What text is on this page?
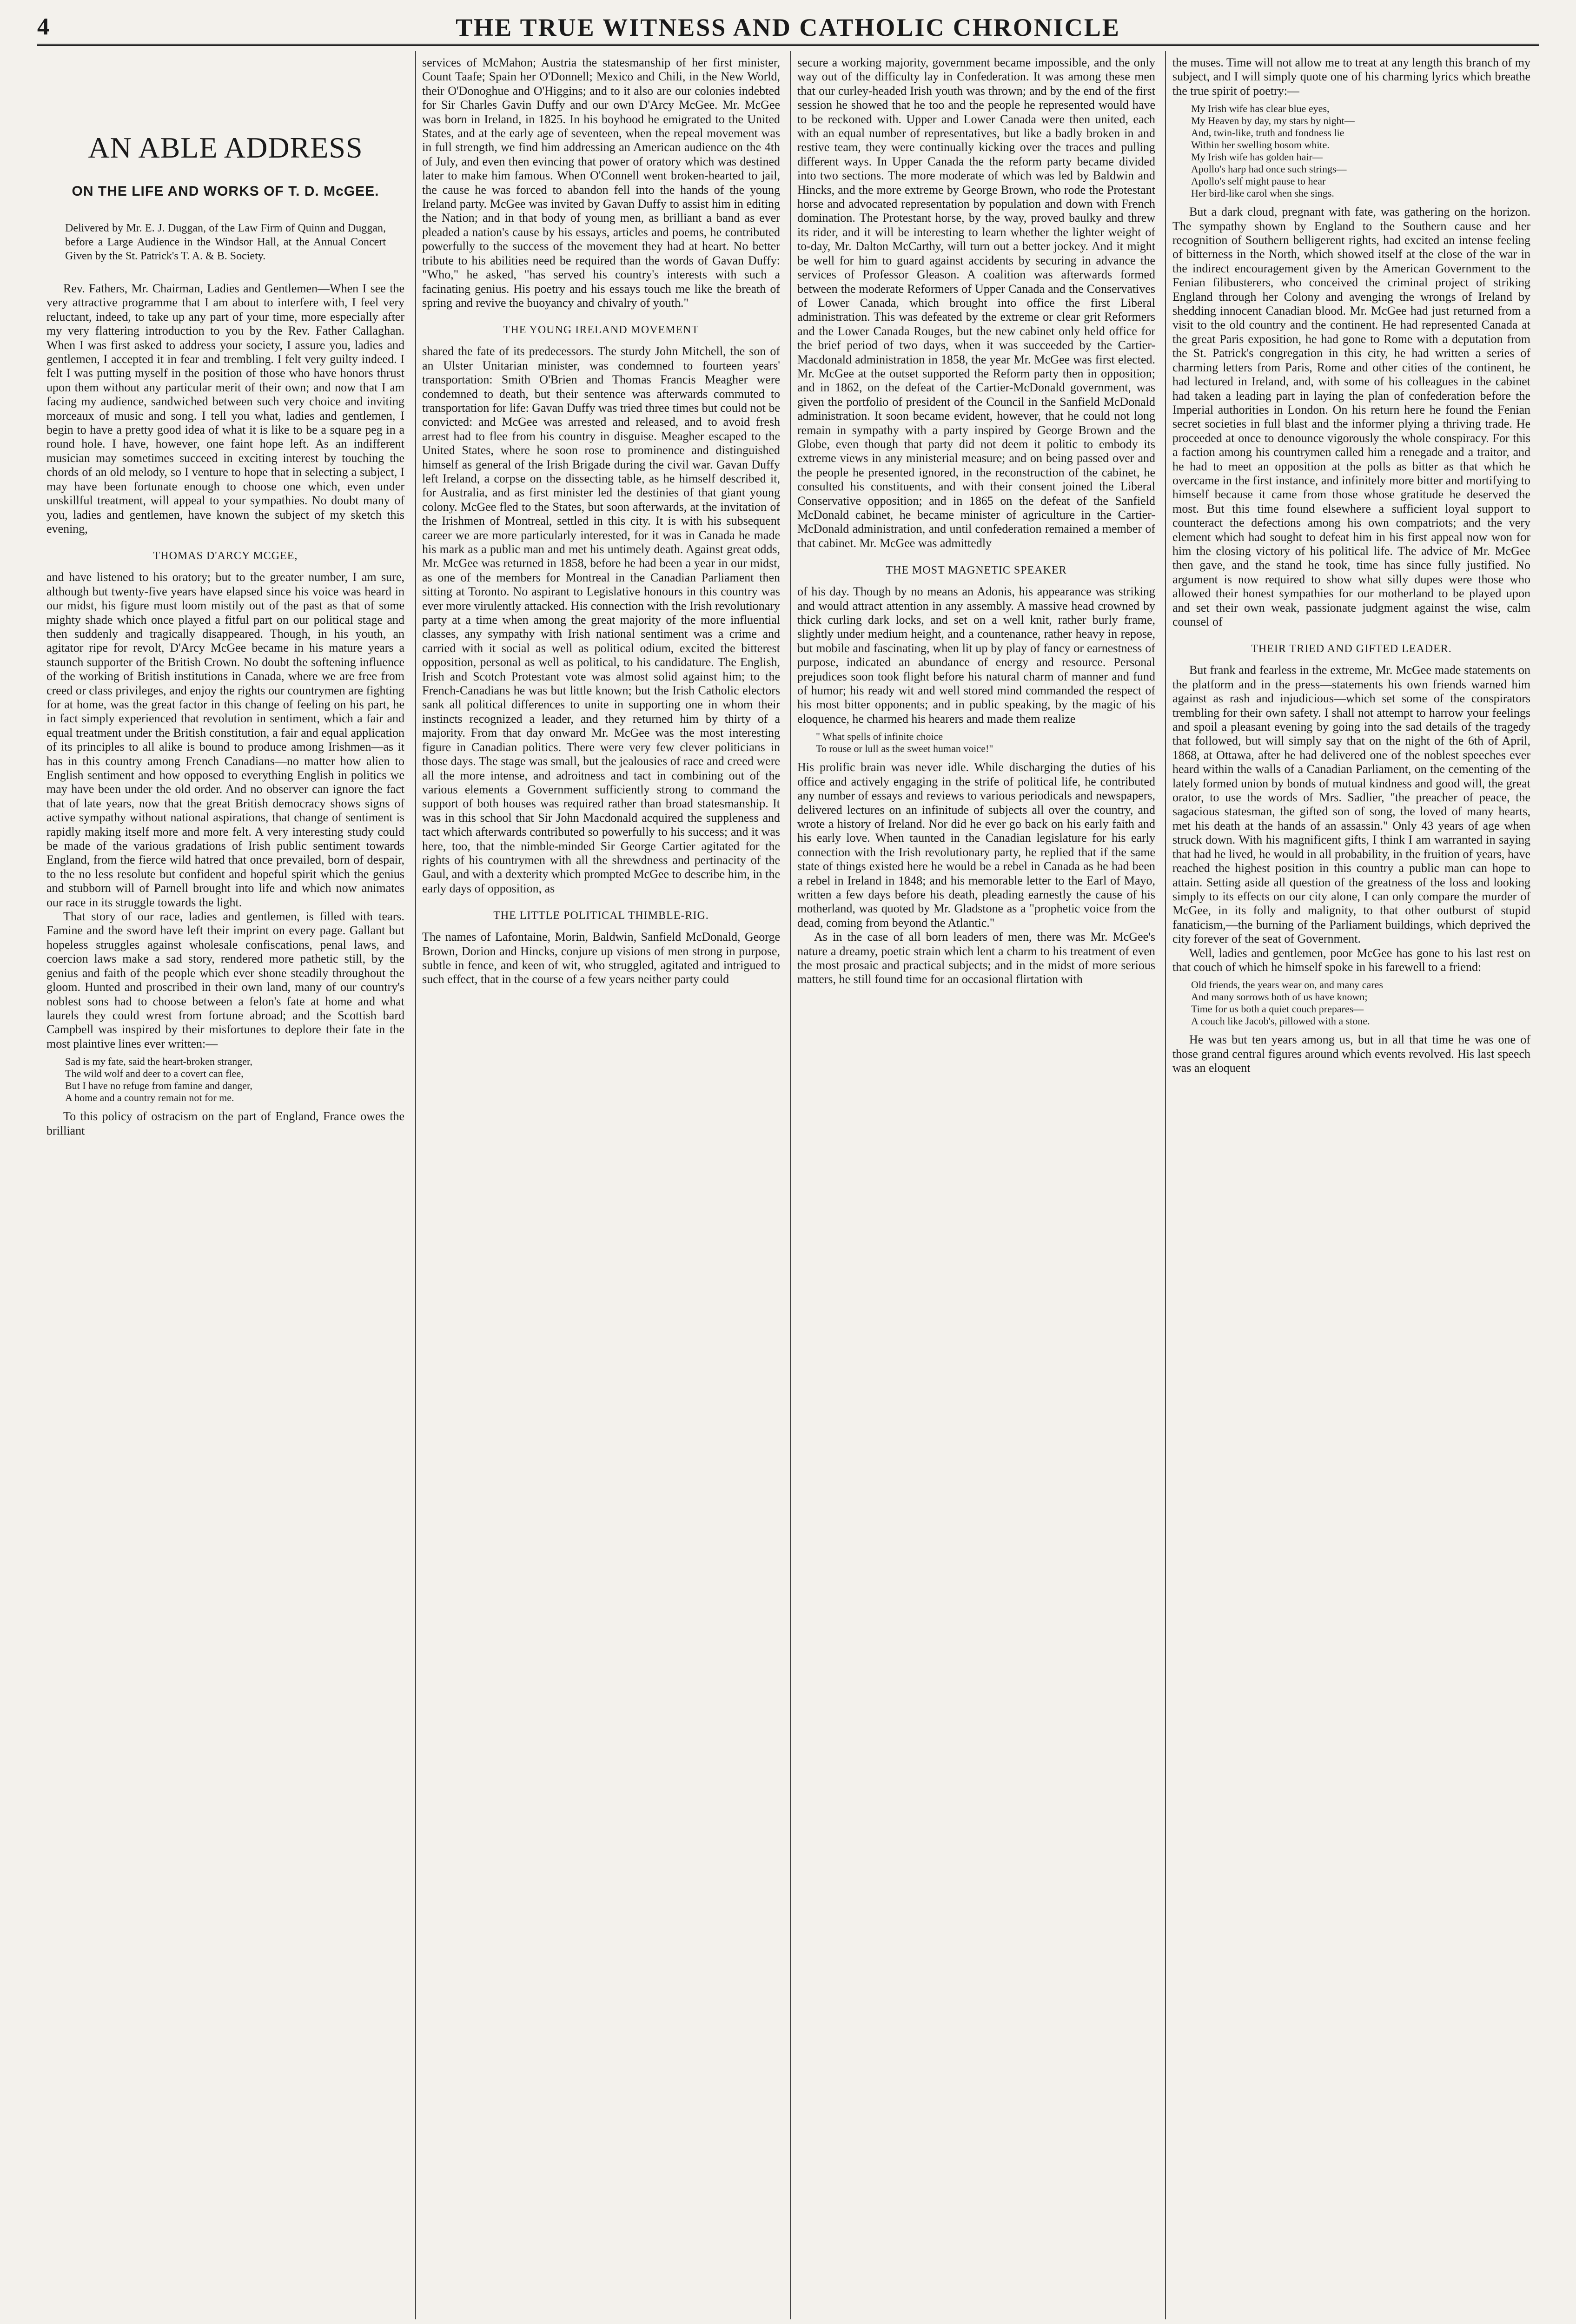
4	THE TRUE WITNESS AND CATHOLIC CHRONICLE
AN ABLE ADDRESS
ON THE LIFE AND WORKS OF T. D. McGEE.
Delivered by Mr. E. J. Duggan, of the Law Firm of Quinn and Duggan, before a Large Audience in the Windsor Hall, at the Annual Concert Given by the St. Patrick's T. A. & B. Society.

Rev. Fathers, Mr. Chairman, Ladies and Gentlemen—When I see the very attractive programme that I am about to interfere with, I feel very reluctant, indeed, to take up any part of your time, more especially after my very flattering introduction to you by the Rev. Father Callaghan. When I was first asked to address your society, I assure you, ladies and gentlemen, I accepted it in fear and trembling. I felt very guilty indeed. I felt I was putting myself in the position of those who have honors thrust upon them without any particular merit of their own; and now that I am facing my audience, sandwiched between such very choice and inviting morceaux of music and song. I tell you what, ladies and gentlemen, I begin to have a pretty good idea of what it is like to be a square peg in a round hole. I have, however, one faint hope left. As an indifferent musician may sometimes succeed in exciting interest by touching the chords of an old melody, so I venture to hope that in selecting a subject, I may have been fortunate enough to choose one which, even under unskillful treatment, will appeal to your sympathies. No doubt many of you, ladies and gentlemen, have known the subject of my sketch this evening,

THOMAS D'ARCY MCGEE,

and have listened to his oratory; but to the greater number, I am sure, although but twenty-five years have elapsed since his voice was heard in our midst, his figure must loom mistily out of the past as that of some mighty shade which once played a fitful part on our political stage and then suddenly and tragically disappeared. Though, in his youth, an agitator ripe for revolt, D'Arcy McGee became in his mature years a staunch supporter of the British Crown. No doubt the softening influence of the working of British institutions in Canada, where we are free from creed or class privileges, and enjoy the rights our countrymen are fighting for at home, was the great factor in this change of feeling on his part, he in fact simply experienced that revolution in sentiment, which a fair and equal treatment under the British constitution, a fair and equal application of its principles to all alike is bound to produce among Irishmen—as it has in this country among French Canadians—no matter how alien to English sentiment and how opposed to everything English in politics we may have been under the old order. And no observer can ignore the fact that of late years, now that the great British democracy shows signs of active sympathy without national aspirations, that change of sentiment is rapidly making itself more and more felt. A very interesting study could be made of the various gradations of Irish public sentiment towards England, from the fierce wild hatred that once prevailed, born of despair, to the no less resolute but confident and hopeful spirit which the genius and stubborn will of Parnell brought into life and which now animates our race in its struggle towards the light.

That story of our race, ladies and gentlemen, is filled with tears. Famine and the sword have left their imprint on every page. Gallant but hopeless struggles against wholesale confiscations, penal laws, and coercion laws make a sad story, rendered more pathetic still, by the genius and faith of the people which ever shone steadily throughout the gloom. Hunted and proscribed in their own land, many of our country's noblest sons had to choose between a felon's fate at home and what laurels they could wrest from fortune abroad; and the Scottish bard Campbell was inspired by their misfortunes to deplore their fate in the most plaintive lines ever written:—

Sad is my fate, said the heart-broken stranger,
The wild wolf and deer to a covert can flee,
But I have no refuge from famine and danger,
A home and a country remain not for me.

To this policy of ostracism on the part of England, France owes the brilliant

services of McMahon; Austria the statesmanship of her first minister, Count Taafe; Spain her O'Donnell; Mexico and Chili, in the New World, their O'Donoghue and O'Higgins; and to it also are our colonies indebted for Sir Charles Gavin Duffy and our own D'Arcy McGee. Mr. McGee was born in Ireland, in 1825. In his boyhood he emigrated to the United States, and at the early age of seventeen, when the repeal movement was in full strength, we find him addressing an American audience on the 4th of July, and even then evincing that power of oratory which was destined later to make him famous. When O'Connell went broken-hearted to jail, the cause he was forced to abandon fell into the hands of the young Ireland party. McGee was invited by Gavan Duffy to assist him in editing the Nation; and in that body of young men, as brilliant a band as ever pleaded a nation's cause by his essays, articles and poems, he contributed powerfully to the success of the movement they had at heart. No better tribute to his abilities need be required than the words of Gavan Duffy: "Who," he asked, "has served his country's interests with such a facinating genius. His poetry and his essays touch me like the breath of spring and revive the buoyancy and chivalry of youth."

THE YOUNG IRELAND MOVEMENT

shared the fate of its predecessors. The sturdy John Mitchell, the son of an Ulster Unitarian minister, was condemned to fourteen years' transportation: Smith O'Brien and Thomas Francis Meagher were condemned to death, but their sentence was afterwards commuted to transportation for life: Gavan Duffy was tried three times but could not be convicted: and McGee was arrested and released, and to avoid fresh arrest had to flee from his country in disguise. Meagher escaped to the United States, where he soon rose to prominence and distinguished himself as general of the Irish Brigade during the civil war. Gavan Duffy left Ireland, a corpse on the dissecting table, as he himself described it, for Australia, and as first minister led the destinies of that giant young colony. McGee fled to the States, but soon afterwards, at the invitation of the Irishmen of Montreal, settled in this city. It is with his subsequent career we are more particularly interested, for it was in Canada he made his mark as a public man and met his untimely death. Against great odds, Mr. McGee was returned in 1858, before he had been a year in our midst, as one of the members for Montreal in the Canadian Parliament then sitting at Toronto. No aspirant to Legislative honours in this country was ever more virulently attacked. His connection with the Irish revolutionary party at a time when among the great majority of the more influential classes, any sympathy with Irish national sentiment was a crime and carried with it social as well as political odium, excited the bitterest opposition, personal as well as political, to his candidature. The English, Irish and Scotch Protestant vote was almost solid against him; to the French-Canadians he was but little known; but the Irish Catholic electors sank all political differences to unite in supporting one in whom their instincts recognized a leader, and they returned him by thirty of a majority. From that day onward Mr. McGee was the most interesting figure in Canadian politics. There were very few clever politicians in those days. The stage was small, but the jealousies of race and creed were all the more intense, and adroitness and tact in combining out of the various elements a Government sufficiently strong to command the support of both houses was required rather than broad statesmanship. It was in this school that Sir John Macdonald acquired the suppleness and tact which afterwards contributed so powerfully to his success; and it was here, too, that the nimble-minded Sir George Cartier agitated for the rights of his countrymen with all the shrewdness and pertinacity of the Gaul, and with a dexterity which prompted McGee to describe him, in the early days of opposition, as

THE LITTLE POLITICAL THIMBLE-RIG.

The names of Lafontaine, Morin, Baldwin, Sanfield McDonald, George Brown, Dorion and Hincks, conjure up visions of men strong in purpose, subtle in fence, and keen of wit, who struggled, agitated and intrigued to such effect, that in the course of a few years neither party could

secure a working majority, government became impossible, and the only way out of the difficulty lay in Confederation. It was among these men that our curley-headed Irish youth was thrown; and by the end of the first session he showed that he too and the people he represented would have to be reckoned with. Upper and Lower Canada were then united, each with an equal number of representatives, but like a badly broken in and restive team, they were continually kicking over the traces and pulling different ways. In Upper Canada the the reform party became divided into two sections. The more moderate of which was led by Baldwin and Hincks, and the more extreme by George Brown, who rode the Protestant horse and advocated representation by population and down with French domination. The Protestant horse, by the way, proved baulky and threw its rider, and it will be interesting to learn whether the lighter weight of to-day, Mr. Dalton McCarthy, will turn out a better jockey. And it might be well for him to guard against accidents by securing in advance the services of Professor Gleason. A coalition was afterwards formed between the moderate Reformers of Upper Canada and the Conservatives of Lower Canada, which brought into office the first Liberal administration. This was defeated by the extreme or clear grit Reformers and the Lower Canada Rouges, but the new cabinet only held office for the brief period of two days, when it was succeeded by the Cartier-Macdonald administration in 1858, the year Mr. McGee was first elected. Mr. McGee at the outset supported the Reform party then in opposition; and in 1862, on the defeat of the Cartier-McDonald government, was given the portfolio of president of the Council in the Sanfield McDonald administration. It soon became evident, however, that he could not long remain in sympathy with a party inspired by George Brown and the Globe, even though that party did not deem it politic to embody its extreme views in any ministerial measure; and on being passed over and the people he presented ignored, in the reconstruction of the cabinet, he consulted his constituents, and with their consent joined the Liberal Conservative opposition; and in 1865 on the defeat of the Sanfield McDonald cabinet, he became minister of agriculture in the Cartier-McDonald administration, and until confederation remained a member of that cabinet. Mr. McGee was admittedly

THE MOST MAGNETIC SPEAKER

of his day. Though by no means an Adonis, his appearance was striking and would attract attention in any assembly. A massive head crowned by thick curling dark locks, and set on a well knit, rather burly frame, slightly under medium height, and a countenance, rather heavy in repose, but mobile and fascinating, when lit up by play of fancy or earnestness of purpose, indicated an abundance of energy and resource. Personal prejudices soon took flight before his natural charm of manner and fund of humor; his ready wit and well stored mind commanded the respect of his most bitter opponents; and in public speaking, by the magic of his eloquence, he charmed his hearers and made them realize

" What spells of infinite choice
To rouse or lull as the sweet human voice!"

His prolific brain was never idle. While discharging the duties of his office and actively engaging in the strife of political life, he contributed any number of essays and reviews to various periodicals and newspapers, delivered lectures on an infinitude of subjects all over the country, and wrote a history of Ireland. Nor did he ever go back on his early faith and his early love. When taunted in the Canadian legislature for his early connection with the Irish revolutionary party, he replied that if the same state of things existed here he would be a rebel in Canada as he had been a rebel in Ireland in 1848; and his memorable letter to the Earl of Mayo, written a few days before his death, pleading earnestly the cause of his motherland, was quoted by Mr. Gladstone as a "prophetic voice from the dead, coming from beyond the Atlantic."

As in the case of all born leaders of men, there was Mr. McGee's nature a dreamy, poetic strain which lent a charm to his treatment of even the most prosaic and practical subjects; and in the midst of more serious matters, he still found time for an occasional flirtation with

the muses. Time will not allow me to treat at any length this branch of my subject, and I will simply quote one of his charming lyrics which breathe the true spirit of poetry:—

My Irish wife has clear blue eyes,
My Heaven by day, my stars by night—
And, twin-like, truth and fondness lie
Within her swelling bosom white.
My Irish wife has golden hair—
Apollo's harp had once such strings—
Apollo's self might pause to hear
Her bird-like carol when she sings.

But a dark cloud, pregnant with fate, was gathering on the horizon. The sympathy shown by England to the Southern cause and her recognition of Southern belligerent rights, had excited an intense feeling of bitterness in the North, which showed itself at the close of the war in the indirect encouragement given by the American Government to the Fenian filibusterers, who conceived the criminal project of striking England through her Colony and avenging the wrongs of Ireland by shedding innocent Canadian blood. Mr. McGee had just returned from a visit to the old country and the continent. He had represented Canada at the great Paris exposition, he had gone to Rome with a deputation from the St. Patrick's congregation in this city, he had written a series of charming letters from Paris, Rome and other cities of the continent, he had lectured in Ireland, and, with some of his colleagues in the cabinet had taken a leading part in laying the plan of confederation before the Imperial authorities in London. On his return here he found the Fenian secret societies in full blast and the informer plying a thriving trade. He proceeded at once to denounce vigorously the whole conspiracy. For this a faction among his countrymen called him a renegade and a traitor, and he had to meet an opposition at the polls as bitter as that which he overcame in the first instance, and infinitely more bitter and mortifying to himself because it came from those whose gratitude he deserved the most. But this time found elsewhere a sufficient loyal support to counteract the defections among his own compatriots; and the very element which had sought to defeat him in his first appeal now won for him the closing victory of his political life. The advice of Mr. McGee then gave, and the stand he took, time has since fully justified. No argument is now required to show what silly dupes were those who allowed their honest sympathies for our motherland to be played upon and set their own weak, passionate judgment against the wise, calm counsel of

THEIR TRIED AND GIFTED LEADER.

But frank and fearless in the extreme, Mr. McGee made statements on the platform and in the press—statements his own friends warned him against as rash and injudicious—which set some of the conspirators trembling for their own safety. I shall not attempt to harrow your feelings and spoil a pleasant evening by going into the sad details of the tragedy that followed, but will simply say that on the night of the 6th of April, 1868, at Ottawa, after he had delivered one of the noblest speeches ever heard within the walls of a Canadian Parliament, on the cementing of the lately formed union by bonds of mutual kindness and good will, the great orator, to use the words of Mrs. Sadlier, "the preacher of peace, the sagacious statesman, the gifted son of song, the loved of many hearts, met his death at the hands of an assassin." Only 43 years of age when struck down. With his magnificent gifts, I think I am warranted in saying that had he lived, he would in all probability, in the fruition of years, have reached the highest position in this country a public man can hope to attain. Setting aside all question of the greatness of the loss and looking simply to its effects on our city alone, I can only compare the murder of McGee, in its folly and malignity, to that other outburst of stupid fanaticism,—the burning of the Parliament buildings, which deprived the city forever of the seat of Government.

Well, ladies and gentlemen, poor McGee has gone to his last rest on that couch of which he himself spoke in his farewell to a friend:

Old friends, the years wear on, and many cares
And many sorrows both of us have known;
Time for us both a quiet couch prepares—
A couch like Jacob's, pillowed with a stone.

He was but ten years among us, but in all that time he was one of those grand central figures around which events revolved. His last speech was an eloquent
